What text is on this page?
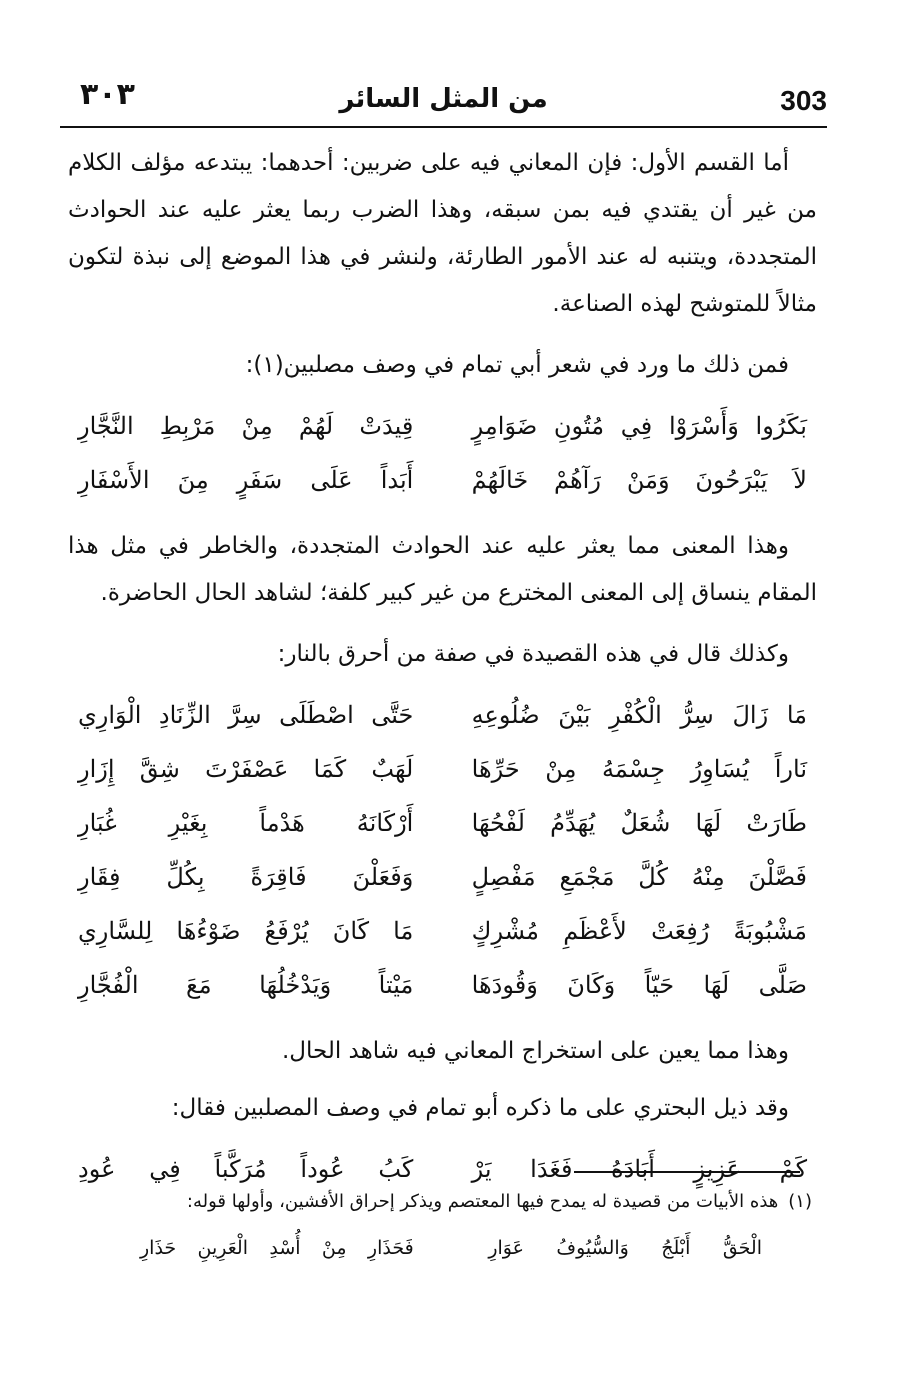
٣٠٣	من المثل السائر	303

أما القسم الأول: فإن المعاني فيه على ضربين: أحدهما: يبتدعه مؤلف الكلام من غير أن يقتدي فيه بمن سبقه، وهذا الضرب ربما يعثر عليه عند الحوادث المتجددة، ويتنبه له عند الأمور الطارئة، ولنشر في هذا الموضع إلى نبذة لتكون مثالاً للمتوشح لهذه الصناعة.

فمن ذلك ما ورد في شعر أبي تمام في وصف مصلبين(١):

بَكَرُوا وَأَسْرَوْا فِي مُتُونِ ضَوَامِرٍ
قِيدَتْ لَهُمْ مِنْ مَرْبِطِ النَّجَّارِ
لاَ يَبْرَحُونَ وَمَنْ رَآهُمْ خَالَهُمْ
أَبَداً عَلَى سَفَرٍ مِنَ الأَسْفَارِ

وهذا المعنى مما يعثر عليه عند الحوادث المتجددة، والخاطر في مثل هذا المقام ينساق إلى المعنى المخترع من غير كبير كلفة؛ لشاهد الحال الحاضرة.

وكذلك قال في هذه القصيدة في صفة من أحرق بالنار:

مَا زَالَ سِرُّ الْكُفْرِ بَيْنَ ضُلُوعِهِ
حَتَّى اصْطَلَى سِرَّ الزِّنَادِ الْوَارِي
نَاراً يُسَاوِرُ جِسْمَهُ مِنْ حَرِّهَا
لَهَبٌ كَمَا عَصْفَرْتَ شِقَّ إِزَارِ
طَارَتْ لَهَا شُعَلٌ يُهَدِّمُ لَفْحُهَا
أَرْكَانَهُ هَدْماً بِغَيْرِ غُبَارِ
فَصَّلْنَ مِنْهُ كُلَّ مَجْمَعِ مَفْصِلٍ
وَفَعَلْنَ فَاقِرَةً بِكُلِّ فِقَارِ
مَشْبُوبَةً رُفِعَتْ لأَعْظَمِ مُشْرِكٍ
مَا كَانَ يُرْفَعُ ضَوْءُهَا لِلسَّارِي
صَلَّى لَهَا حَيّاً وَكَانَ وَقُودَهَا
مَيْتاً وَيَدْخُلُهَا مَعَ الْفُجَّارِ

وهذا مما يعين على استخراج المعاني فيه شاهد الحال.

وقد ذيل البحتري على ما ذكره أبو تمام في وصف المصلبين فقال:

كَمْ عَزِيزٍ أَبَادَهُ فَغَدَا يَرْ
كَبُ عُوداً مُرَكَّباً فِي عُودِ
(١)هذه الأبيات من قصيدة له يمدح فيها المعتصم ويذكر إحراق الأفشين، وأولها قوله:
الْحَقُّ أَبْلَجُ وَالسُّيُوفُ عَوَارِ
فَحَذَارِ مِنْ أُسْدِ الْعَرِينِ حَذَارِ
